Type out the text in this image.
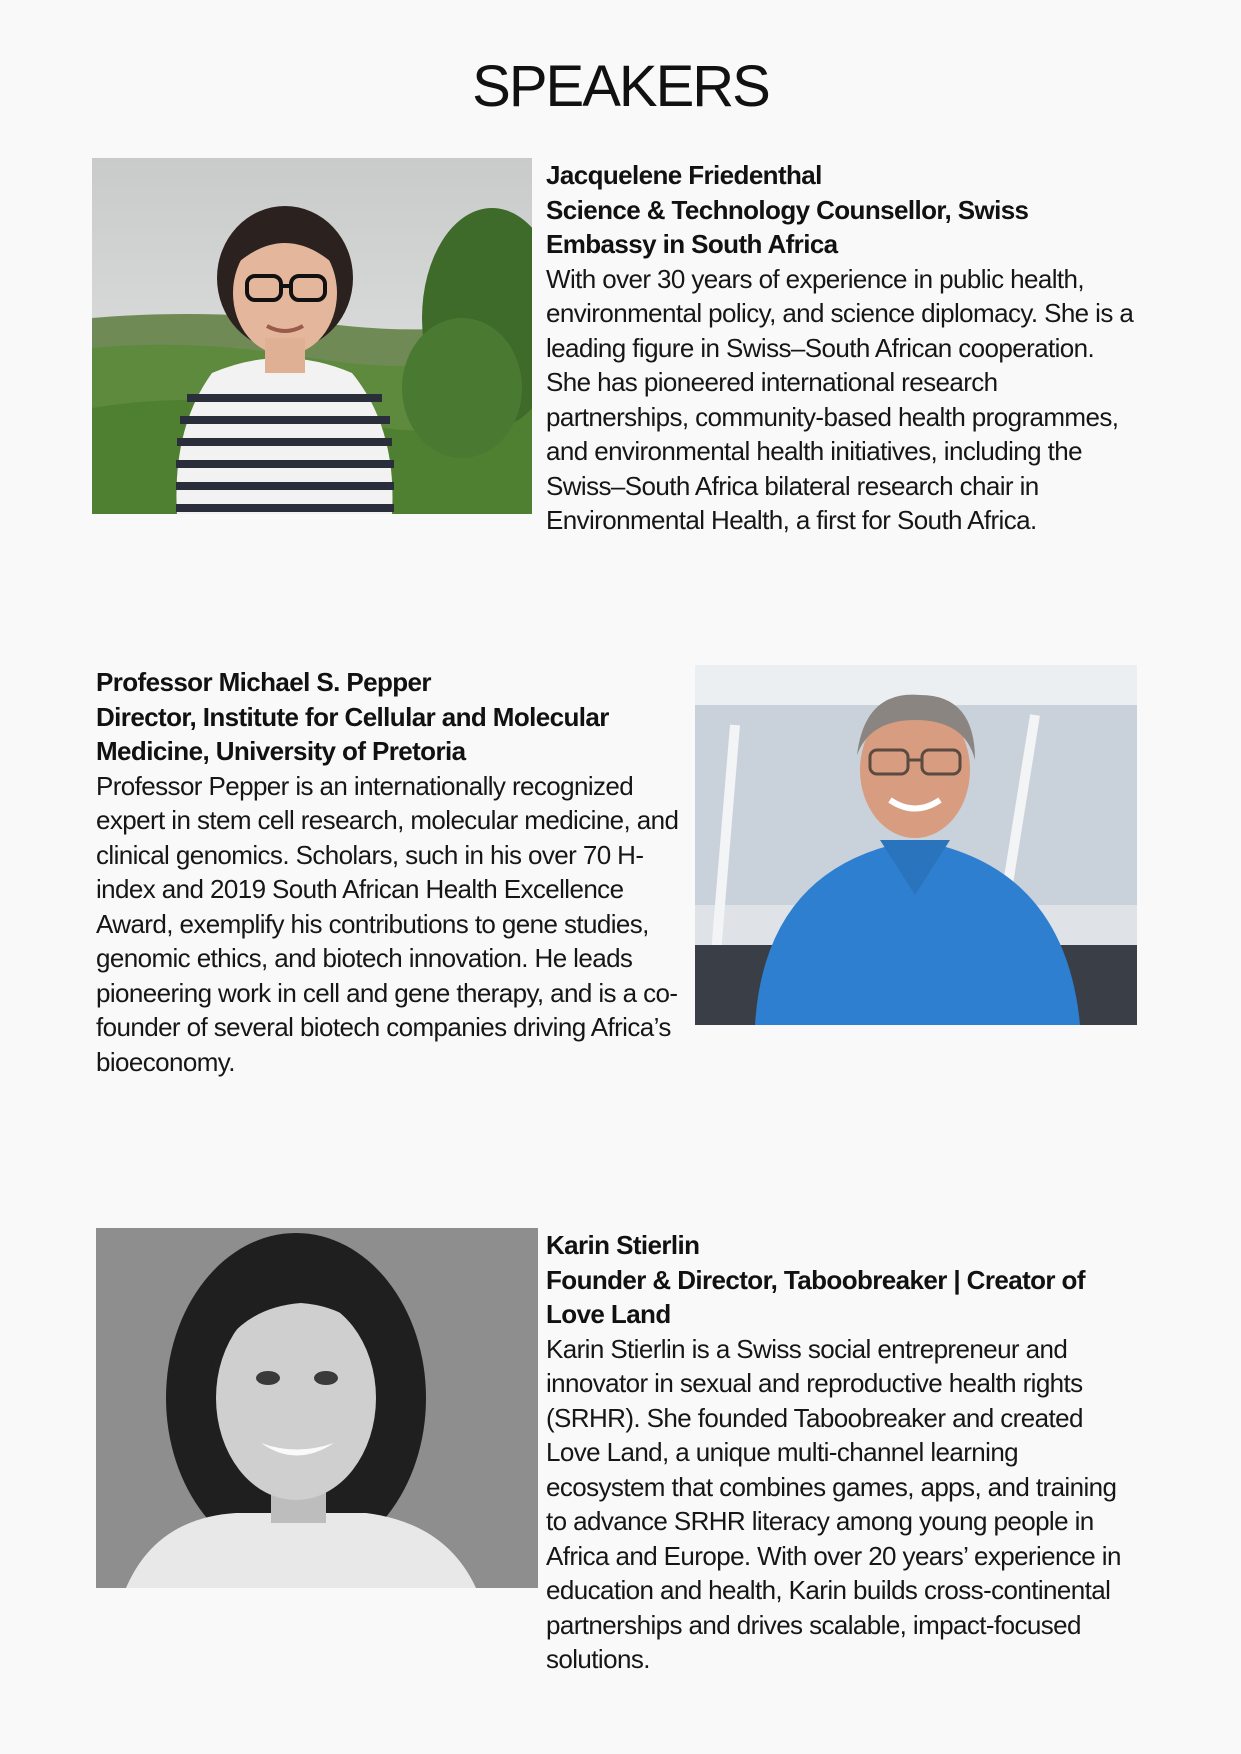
SPEAKERS

Jacquelene Friedenthal

Science & Technology Counsellor, Swiss Embassy in South Africa

With over 30 years of experience in public health, environmental policy, and science diplomacy. She is a leading figure in Swiss–South African cooperation. She has pioneered international research partnerships, community-based health programmes, and environmental health initiatives, including the Swiss–South Africa bilateral research chair in Environmental Health, a first for South Africa.

Professor Michael S. Pepper

Director, Institute for Cellular and Molecular Medicine, University of Pretoria

Professor Pepper is an internationally recognized expert in stem cell research, molecular medicine, and clinical genomics. Scholars, such in his over 70 H-index and 2019 South African Health Excellence Award, exemplify his contributions to gene studies, genomic ethics, and biotech innovation. He leads pioneering work in cell and gene therapy, and is a co-founder of several biotech companies driving Africa’s bioeconomy.

Karin Stierlin

Founder & Director, Taboobreaker | Creator of Love Land

Karin Stierlin is a Swiss social entrepreneur and innovator in sexual and reproductive health rights (SRHR). She founded Taboobreaker and created Love Land, a unique multi-channel learning ecosystem that combines games, apps, and training to advance SRHR literacy among young people in Africa and Europe. With over 20 years’ experience in education and health, Karin builds cross-continental partnerships and drives scalable, impact-focused solutions.
